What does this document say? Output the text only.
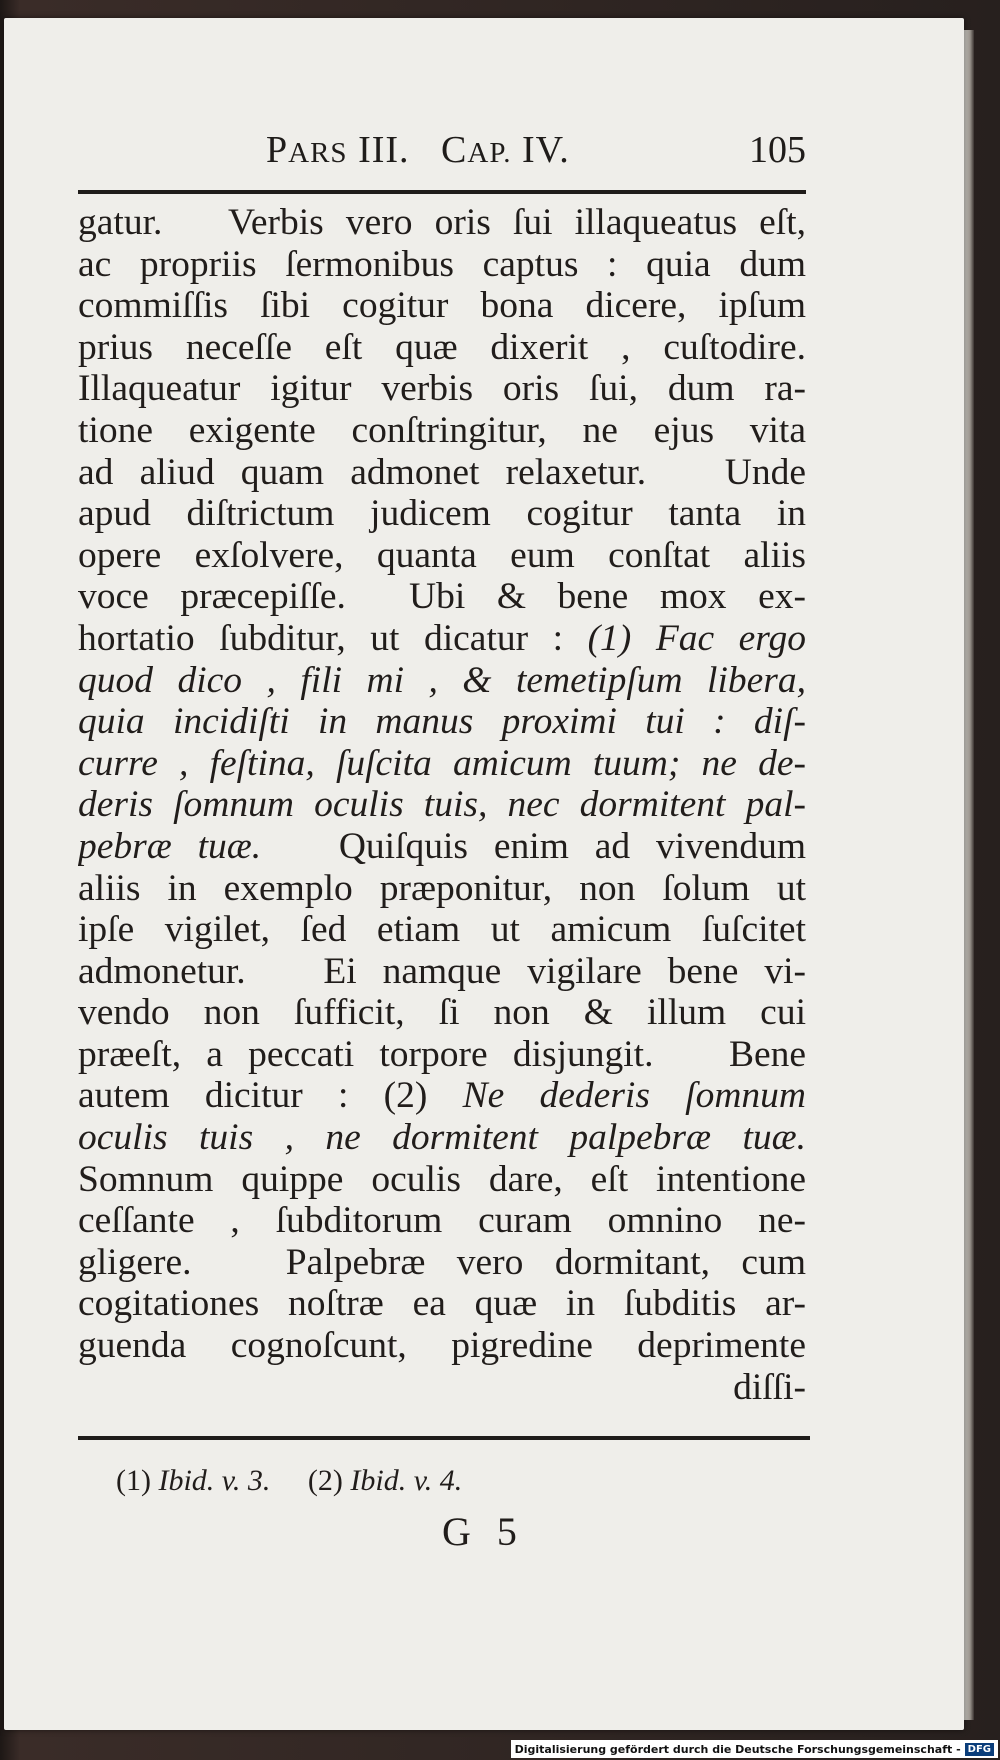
PARS III. CAP. IV.	105
gatur.   Verbis vero oris ſui illaqueatus eſt,
ac propriis ſermonibus captus : quia dum
commiſſis ſibi cogitur bona dicere, ipſum
prius neceſſe eſt quæ dixerit , cuſtodire.
Illaqueatur igitur verbis oris ſui, dum ra-
tione exigente conſtringitur, ne ejus vita
ad aliud quam admonet relaxetur.   Unde
apud diſtrictum judicem cogitur tanta in
opere exſolvere, quanta eum conſtat aliis
voce præcepiſſe.  Ubi & bene mox ex-
hortatio ſubditur, ut dicatur : (1) Fac ergo
quod dico , fili mi , & temetipſum libera,
quia incidiſti in manus proximi tui : diſ-
curre , feſtina, ſuſcita amicum tuum; ne de-
deris ſomnum oculis tuis, nec dormitent pal-
pebræ tuæ.   Quiſquis enim ad vivendum
aliis in exemplo præponitur, non ſolum ut
ipſe vigilet, ſed etiam ut amicum ſuſcitet
admonetur.   Ei namque vigilare bene vi-
vendo non ſufficit, ſi non & illum cui
præeſt, a peccati torpore disjungit.   Bene
autem dicitur : (2) Ne dederis ſomnum
oculis tuis , ne dormitent palpebræ tuæ.
Somnum quippe oculis dare, eſt intentione
ceſſante , ſubditorum curam omnino ne-
gligere.   Palpebræ vero dormitant, cum
cogitationes noſtræ ea quæ in ſubditis ar-
guenda cognoſcunt, pigredine deprimente
diſſi-
(1) Ibid. v. 3. (2) Ibid. v. 4.
G 5
Digitalisierung gefördert durch die Deutsche Forschungsgemeinschaft - DFG
